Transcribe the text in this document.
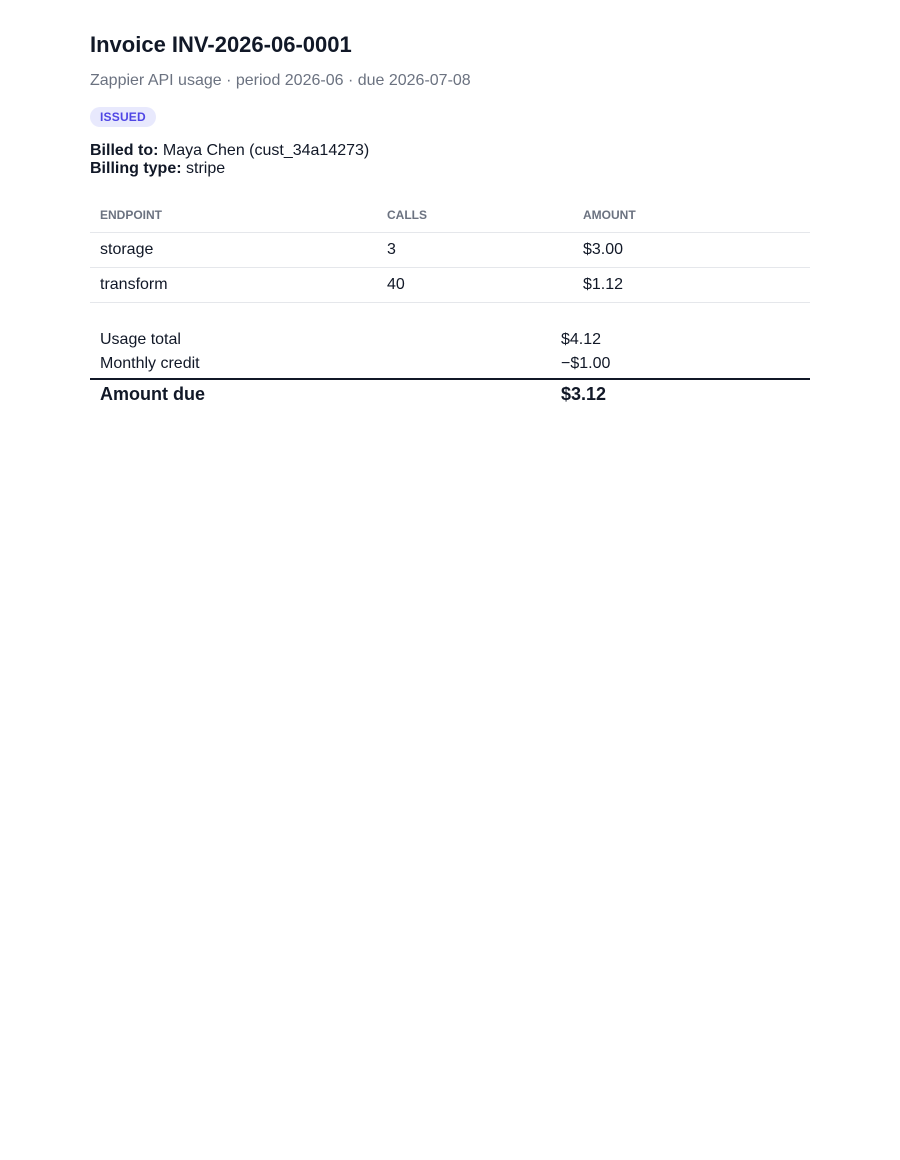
Invoice INV-2026-06-0001
Zappier API usage · period 2026-06 · due 2026-07-08
ISSUED
Billed to: Maya Chen (cust_34a14273)
Billing type: stripe
ENDPOINT	CALLS	AMOUNT
storage	3	$3.00
transform	40	$1.12
Usage total	$4.12
Monthly credit	−$1.00
Amount due	$3.12
